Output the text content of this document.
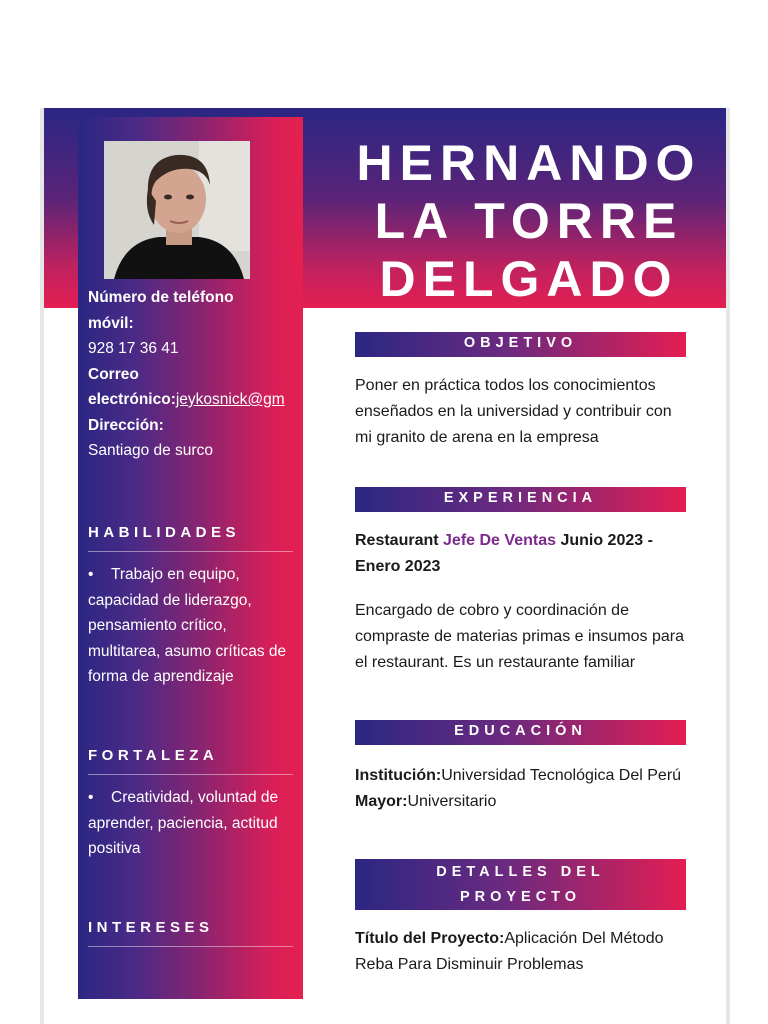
Número de teléfono
móvil:
928 17 36 41
Correo
electrónico:jeykosnick@gm
Dirección:
Santiago de surco
HABILIDADES
• Trabajo en equipo, capacidad de liderazgo, pensamiento crítico, multitarea, asumo críticas de forma de aprendizaje
FORTALEZA
• Creatividad, voluntad de aprender, paciencia, actitud positiva
INTERESES
HERNANDO
LA TORRE
DELGADO
OBJETIVO
Poner en práctica todos los conocimientos enseñados en la universidad y contribuir con mi granito de arena en la empresa
EXPERIENCIA
Restaurant Jefe De Ventas Junio 2023 - Enero 2023
Encargado de cobro y coordinación de compraste de materias primas e insumos para el restaurant. Es un restaurante familiar
EDUCACIÓN
Institución:Universidad Tecnológica Del Perú
Mayor:Universitario
DETALLES DEL
PROYECTO
Título del Proyecto:Aplicación Del Método Reba Para Disminuir Problemas
